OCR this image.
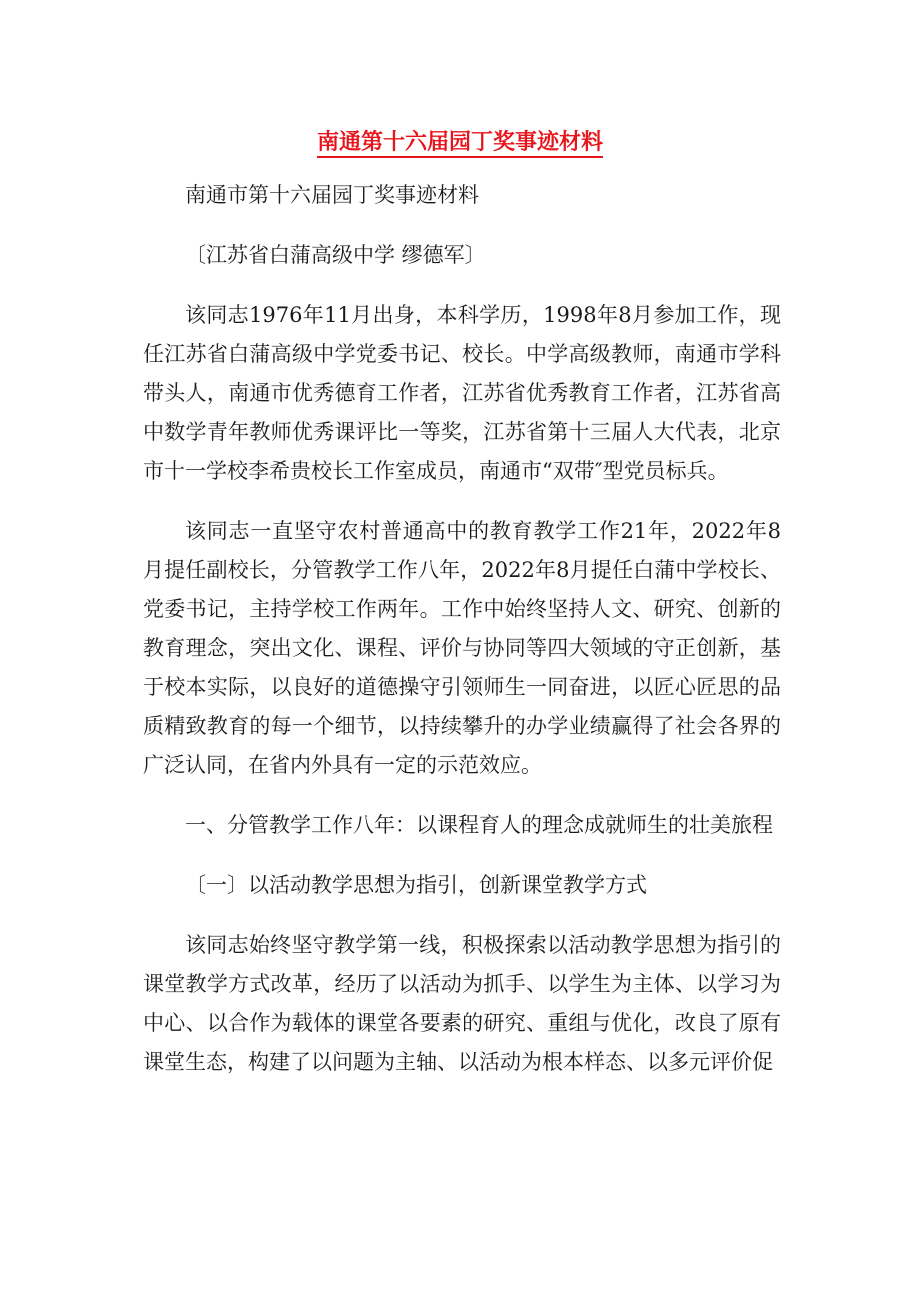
南通第十六届园丁奖事迹材料

南通市第十六届园丁奖事迹材料

〔江苏省白蒲高级中学 缪德军〕

该同志1976年11月出身，本科学历，1998年8月参加工作，现任江苏省白蒲高级中学党委书记、校长。中学高级教师，南通市学科带头人，南通市优秀德育工作者，江苏省优秀教育工作者，江苏省高中数学青年教师优秀课评比一等奖，江苏省第十三届人大代表，北京市十一学校李希贵校长工作室成员，南通市“双带″型党员标兵。

该同志一直坚守农村普通高中的教育教学工作21年，2022年8月提任副校长，分管教学工作八年，2022年8月提任白蒲中学校长、党委书记，主持学校工作两年。工作中始终坚持人文、研究、创新的教育理念，突出文化、课程、评价与协同等四大领域的守正创新，基于校本实际，以良好的道德操守引领师生一同奋进，以匠心匠思的品质精致教育的每一个细节，以持续攀升的办学业绩赢得了社会各界的广泛认同，在省内外具有一定的示范效应。

一、分管教学工作八年：以课程育人的理念成就师生的壮美旅程

〔一〕以活动教学思想为指引，创新课堂教学方式

该同志始终坚守教学第一线，积极探索以活动教学思想为指引的课堂教学方式改革，经历了以活动为抓手、以学生为主体、以学习为中心、以合作为载体的课堂各要素的研究、重组与优化，改良了原有课堂生态，构建了以问题为主轴、以活动为根本样态、以多元评价促
